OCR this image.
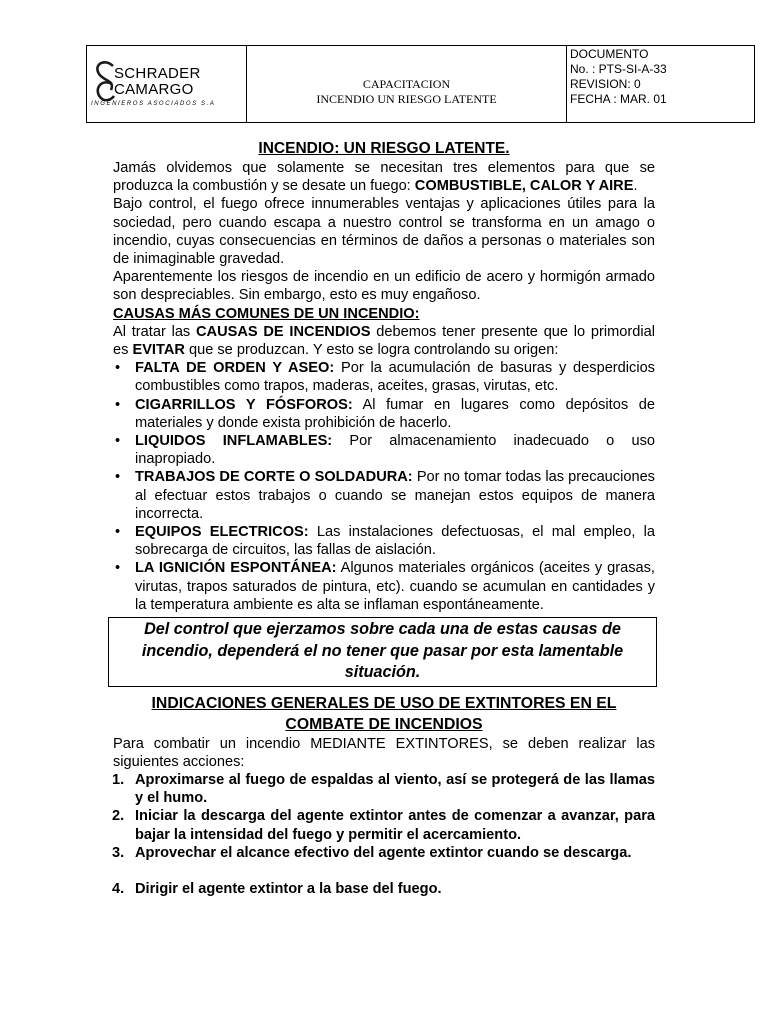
SCHRADER
CAMARGO
INGENIEROS ASOCIADOS S.A
CAPACITACION
INCENDIO UN RIESGO LATENTE
DOCUMENTO
No. : PTS-SI-A-33
REVISION: 0
FECHA : MAR. 01
INCENDIO: UN RIESGO LATENTE.

Jamás olvidemos que solamente se necesitan tres elementos para que se produzca la combustión y se desate un fuego: COMBUSTIBLE, CALOR Y AIRE.

Bajo control, el fuego ofrece innumerables ventajas y aplicaciones útiles para la sociedad, pero cuando escapa a nuestro control se transforma en un amago o incendio, cuyas consecuencias en términos de daños a personas o materiales son de inimaginable gravedad.

Aparentemente los riesgos de incendio en un edificio de acero y hormigón armado son despreciables. Sin embargo, esto es muy engañoso.

CAUSAS MÁS COMUNES DE UN INCENDIO:

Al tratar las CAUSAS DE INCENDIOS debemos tener presente que lo primordial es EVITAR que se produzcan. Y esto se logra controlando su origen:

• FALTA DE ORDEN Y ASEO: Por la acumulación de basuras y desperdicios combustibles como trapos, maderas, aceites, grasas, virutas, etc.
• CIGARRILLOS Y FÓSFOROS: Al fumar en lugares como depósitos de materiales y donde exista prohibición de hacerlo.
• LIQUIDOS INFLAMABLES: Por almacenamiento inadecuado o uso inapropiado.
• TRABAJOS DE CORTE O SOLDADURA: Por no tomar todas las precauciones al efectuar estos trabajos o cuando se manejan estos equipos de manera incorrecta.
• EQUIPOS ELECTRICOS: Las instalaciones defectuosas, el mal empleo, la sobrecarga de circuitos, las fallas de aislación.
• LA IGNICIÓN ESPONTÁNEA: Algunos materiales orgánicos (aceites y grasas, virutas, trapos saturados de pintura, etc). cuando se acumulan en cantidades y la temperatura ambiente es alta se inflaman espontáneamente.
Del control que ejerzamos sobre cada una de estas causas de incendio, dependerá el no tener que pasar por esta lamentable situación.
INDICACIONES GENERALES DE USO DE EXTINTORES EN EL
COMBATE DE INCENDIOS

Para combatir un incendio MEDIANTE EXTINTORES, se deben realizar las siguientes acciones:

1. Aproximarse al fuego de espaldas al viento, así se protegerá de las llamas y el humo.
2. Iniciar la descarga del agente extintor antes de comenzar a avanzar, para bajar la intensidad del fuego y permitir el acercamiento.
3. Aprovechar el alcance efectivo del agente extintor cuando se descarga.
4. Dirigir el agente extintor a la base del fuego.
